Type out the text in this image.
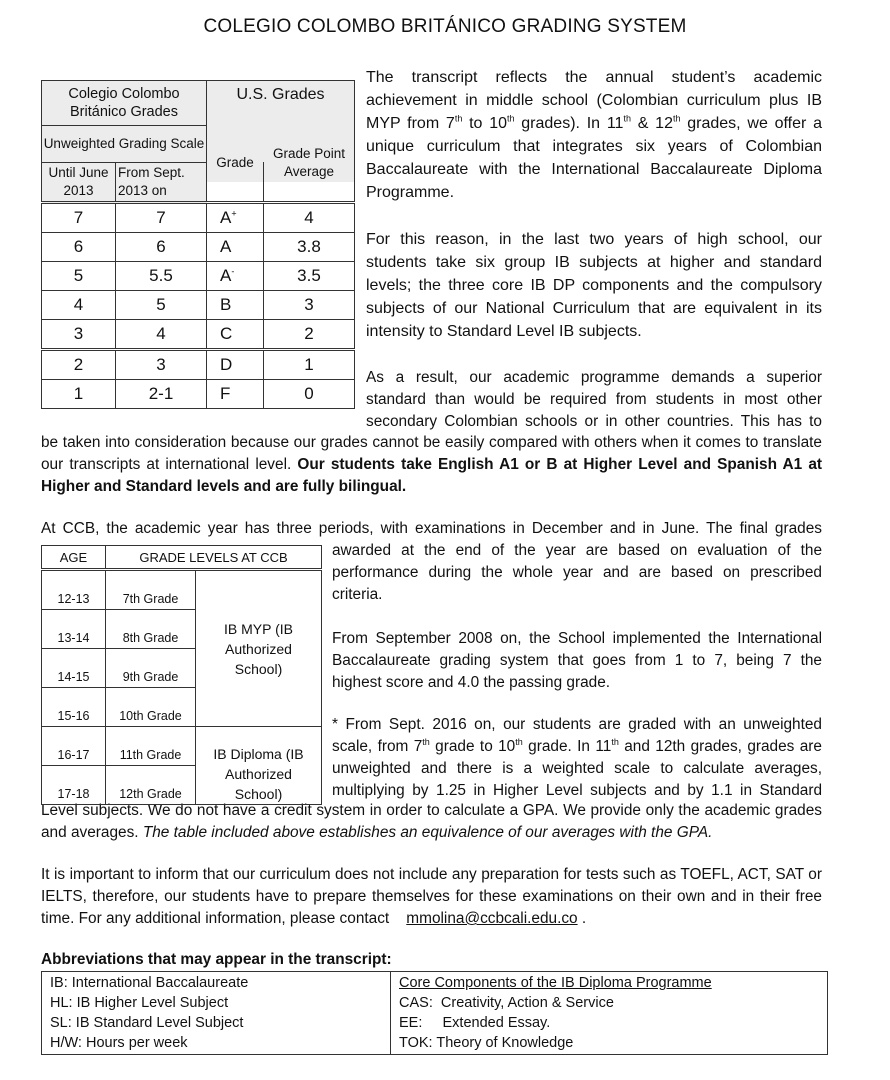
COLEGIO COLOMBO BRITÁNICO GRADING SYSTEM
Colegio Colombo Británico Grades		U.S. Grades	
Unweighted Grading Scale			
Until June 2013	From Sept. 2013 on	Grade	Grade Point Average
7	7	A+	4
6	6	A	3.8
5	5.5	A-	3.5
4	5	B	3
3	4	C	2
2	3	D	1
1	2-1	F	0

The transcript reflects the annual student’s academic achievement in middle school (Colombian curriculum plus IB MYP from 7th to 10th grades). In 11th & 12th grades, we offer a unique curriculum that integrates six years of Colombian Baccalaureate with the International Baccalaureate Diploma Programme.

For this reason, in the last two years of high school, our students take six group IB subjects at higher and standard levels; the three core IB DP components and the compulsory subjects of our National Curriculum that are equivalent in its intensity to Standard Level IB subjects.

As a result, our academic programme demands a superior standard than would be required from students in most other secondary Colombian schools or in other countries. This has to

be taken into consideration because our grades cannot be easily compared with others when it comes to translate our transcripts at international level. Our students take English A1 or B at Higher Level and Spanish A1 at Higher and Standard levels and are fully bilingual.

At CCB, the academic year has three periods, with examinations in December and in June. The final grades

awarded at the end of the year are based on evaluation of the performance during the whole year and are based on prescribed criteria.

From September 2008 on, the School implemented the International Baccalaureate grading system that goes from 1 to 7, being 7 the highest score and 4.0 the passing grade.

* From Sept. 2016 on, our students are graded with an unweighted scale, from 7th grade to 10th grade. In 11th and 12th grades, grades are unweighted and there is a weighted scale to calculate averages, multiplying by 1.25 in Higher Level subjects and by 1.1 in Standard

Level subjects. We do not have a credit system in order to calculate a GPA. We provide only the academic grades and averages. The table included above establishes an equivalence of our averages with the GPA.

It is important to inform that our curriculum does not include any preparation for tests such as TOEFL, ACT, SAT or IELTS, therefore, our students have to prepare themselves for these examinations on their own and in their free time. For any additional information, please contact mmolina@ccbcali.edu.co .

AGE	GRADE LEVELS AT CCB	
12-13	7th Grade	IB MYP (IB Authorized School)
13-14	8th Grade	
14-15	9th Grade	
15-16	10th Grade	
16-17	11th Grade	IB Diploma (IB Authorized School)
17-18	12th Grade	

Abbreviations that may appear in the transcript:

IB: International Baccalaureate
HL: IB Higher Level Subject
SL: IB Standard Level Subject
H/W: Hours per week

Core Components of the IB Diploma Programme
CAS:  Creativity, Action & Service
EE:     Extended Essay.
TOK: Theory of Knowledge
